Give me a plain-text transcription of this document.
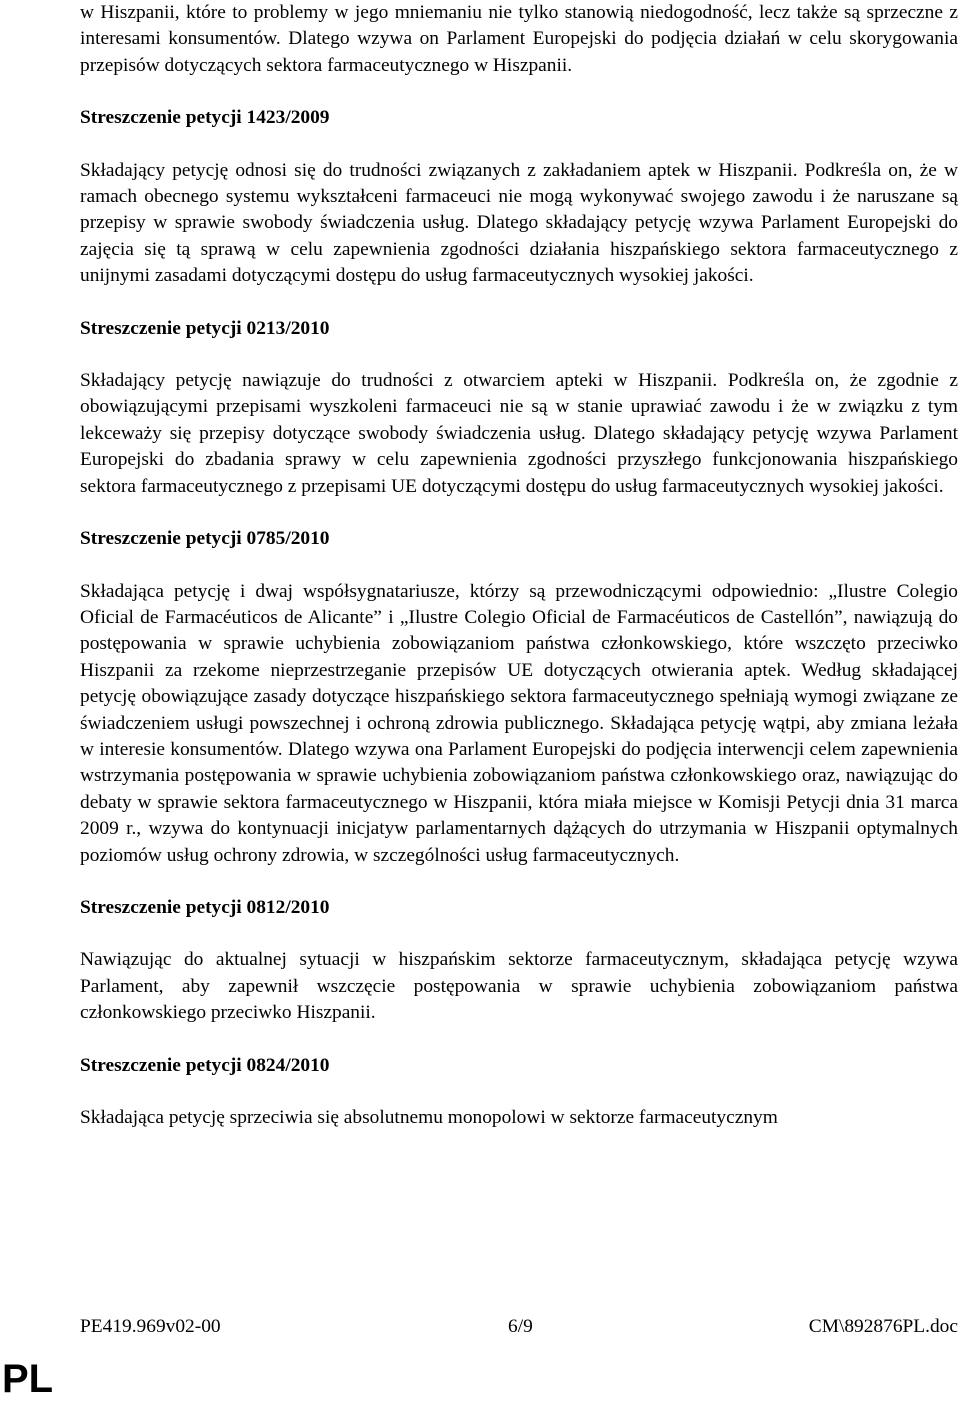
w Hiszpanii, które to problemy w jego mniemaniu nie tylko stanowią niedogodność, lecz także są sprzeczne z interesami konsumentów. Dlatego wzywa on Parlament Europejski do podjęcia działań w celu skorygowania przepisów dotyczących sektora farmaceutycznego w Hiszpanii.

Streszczenie petycji 1423/2009

Składający petycję odnosi się do trudności związanych z zakładaniem aptek w Hiszpanii. Podkreśla on, że w ramach obecnego systemu wykształceni farmaceuci nie mogą wykonywać swojego zawodu i że naruszane są przepisy w sprawie swobody świadczenia usług. Dlatego składający petycję wzywa Parlament Europejski do zajęcia się tą sprawą w celu zapewnienia zgodności działania hiszpańskiego sektora farmaceutycznego z unijnymi zasadami dotyczącymi dostępu do usług farmaceutycznych wysokiej jakości.

Streszczenie petycji 0213/2010

Składający petycję nawiązuje do trudności z otwarciem apteki w Hiszpanii. Podkreśla on, że zgodnie z obowiązującymi przepisami wyszkoleni farmaceuci nie są w stanie uprawiać zawodu i że w związku z tym lekceważy się przepisy dotyczące swobody świadczenia usług. Dlatego składający petycję wzywa Parlament Europejski do zbadania sprawy w celu zapewnienia zgodności przyszłego funkcjonowania hiszpańskiego sektora farmaceutycznego z przepisami UE dotyczącymi dostępu do usług farmaceutycznych wysokiej jakości.

Streszczenie petycji 0785/2010

Składająca petycję i dwaj współsygnatariusze, którzy są przewodniczącymi odpowiednio: „Ilustre Colegio Oficial de Farmacéuticos de Alicante” i „Ilustre Colegio Oficial de Farmacéuticos de Castellón”, nawiązują do postępowania w sprawie uchybienia zobowiązaniom państwa członkowskiego, które wszczęto przeciwko Hiszpanii za rzekome nieprzestrzeganie przepisów UE dotyczących otwierania aptek. Według składającej petycję obowiązujące zasady dotyczące hiszpańskiego sektora farmaceutycznego spełniają wymogi związane ze świadczeniem usługi powszechnej i ochroną zdrowia publicznego. Składająca petycję wątpi, aby zmiana leżała w interesie konsumentów. Dlatego wzywa ona Parlament Europejski do podjęcia interwencji celem zapewnienia wstrzymania postępowania w sprawie uchybienia zobowiązaniom państwa członkowskiego oraz, nawiązując do debaty w sprawie sektora farmaceutycznego w Hiszpanii, która miała miejsce w Komisji Petycji dnia 31 marca 2009 r., wzywa do kontynuacji inicjatyw parlamentarnych dążących do utrzymania w Hiszpanii optymalnych poziomów usług ochrony zdrowia, w szczególności usług farmaceutycznych.

Streszczenie petycji 0812/2010

Nawiązując do aktualnej sytuacji w hiszpańskim sektorze farmaceutycznym, składająca petycję wzywa Parlament, aby zapewnił wszczęcie postępowania w sprawie uchybienia zobowiązaniom państwa członkowskiego przeciwko Hiszpanii.

Streszczenie petycji 0824/2010

Składająca petycję sprzeciwia się absolutnemu monopolowi w sektorze farmaceutycznym

PE419.969v02-00	6/9	CM\892876PL.doc
PL
